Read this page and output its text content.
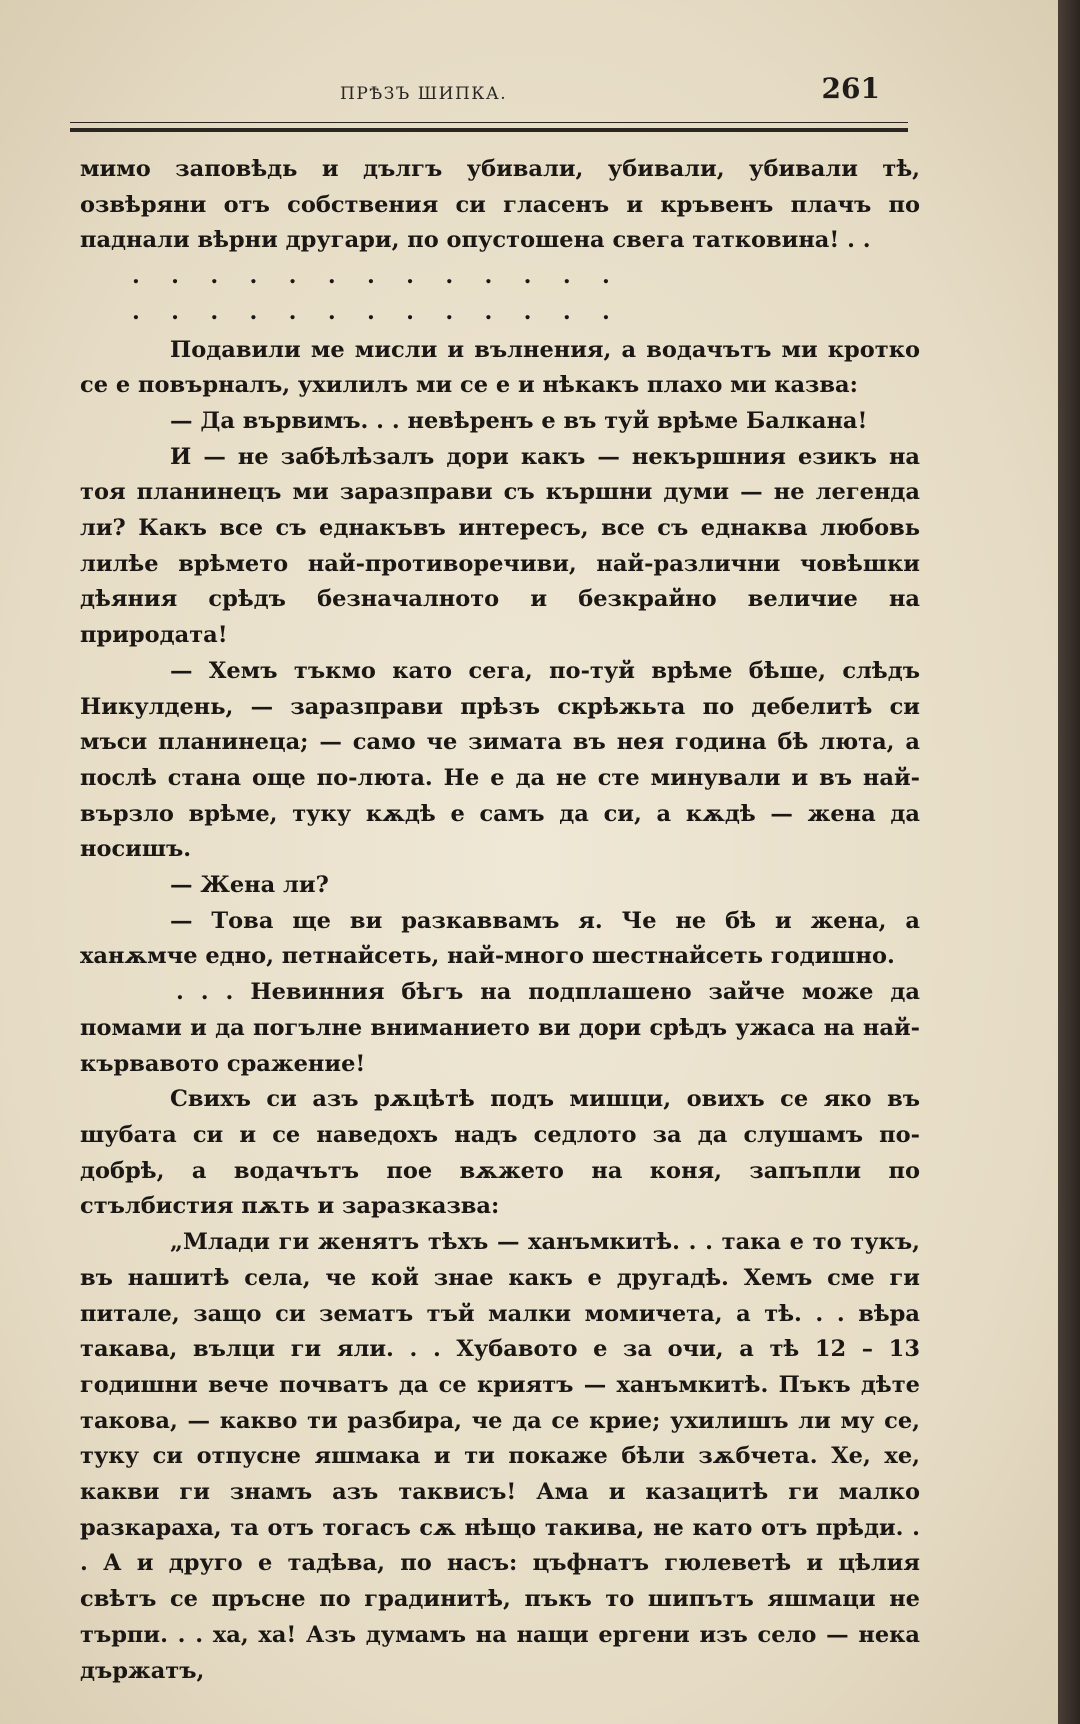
ПРѢЗЪ ШИПКА.	261

мимо заповѣдь и дългъ убивали, убивали, убивали тѣ, озвѣряни отъ собствения си гласенъ и кръвенъ плачъ по паднали вѣрни другари, по опустошена свега татковина! . .

.    .    .    .    .    .    .    .    .    .    .    .    .

.    .    .    .    .    .    .    .    .    .    .    .    .

Подавили ме мисли и вълнения, а водачътъ ми кротко се е повърналъ, ухилилъ ми се е и нѣкакъ плахо ми казва:

— Да вървимъ. . . невѣренъ е въ туй врѣме Балкана!

И — не забѣлѣзалъ дори какъ — некършния езикъ на тоя планинецъ ми заразправи съ кършни думи — не легенда ли? Какъ все съ еднакъвъ интересъ, все съ еднаква любовь лилѣе врѣмето най-противоречиви, най-различни човѣшки дѣяния срѣдъ безначалното и безкрайно величие на природата!

— Хемъ тъкмо като сега, по-туй врѣме бѣше, слѣдъ Никулдень, — заразправи прѣзъ скрѣжьта по дебелитѣ си мъси планинеца; — само че зимата въ нея година бѣ люта, а послѣ стана още по-люта. Не е да не сте минували и въ най-вързло врѣме, туку кѫдѣ е самъ да си, а кѫдѣ — жена да носишъ.

— Жена ли?

— Това ще ви разкаввамъ я. Че не бѣ и жена, а ханѫмче едно, петнайсеть, най-много шестнайсеть годишно.

. . . Невинния бѣгъ на подплашено зайче може да помами и да погълне вниманието ви дори срѣдъ ужаса на най-кървавото сражение!

Свихъ си азъ рѫцѣтѣ подъ мишци, овихъ се яко въ шубата си и се наведохъ надъ седлото за да слушамъ по-добрѣ, а водачътъ пое вѫжето на коня, запъпли по стълбистия пѫть и заразказва:

„Млади ги женятъ тѣхъ — ханъмкитѣ. . . така е то тукъ, въ нашитѣ села, че кой знае какъ е другадѣ. Хемъ сме ги питале, защо си зематъ тъй малки момичета, а тѣ. . . вѣра такава, вълци ги яли. . . Хубавото е за очи, а тѣ 12 – 13 годишни вече почватъ да се криятъ — ханъмкитѣ. Пъкъ дѣте такова, — какво ти разбира, че да се крие; ухилишъ ли му се, туку си отпусне яшмака и ти покаже бѣли зѫбчета. Хе, хе, какви ги знамъ азъ таквисъ! Ама и казацитѣ ги малко разкараха, та отъ тогасъ сѫ нѣщо такива, не като отъ прѣди. . . А и друго е тадѣва, по насъ: цъфнатъ гюлеветѣ и цѣлия свѣтъ се пръсне по градинитѣ, пъкъ то шипътъ яшмаци не търпи. . . ха, ха! Азъ думамъ на нащи ергени изъ село — нека държатъ,
